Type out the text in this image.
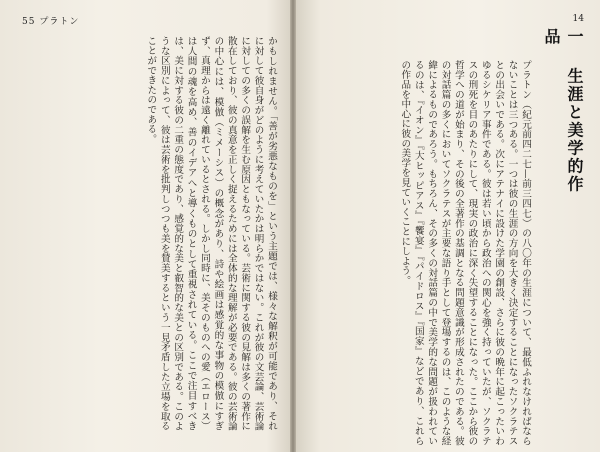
55 プラトン
かもしれません。「善が劣悪なものを」という主題では、様々な解釈が可能であり、それに対して彼自身がどのように考えていたかは明らかではない。これが彼の文芸論、芸術論に対しての多くの誤解を生む原因ともなっている。芸術に関する彼の見解は多くの著作に散在しており、彼の真意を正しく捉えるためには全体的な理解が必要である。彼の芸術論の中心には、模倣（ミメーシス）の概念があり、詩や絵画は感覚的な事物の模倣にすぎず、真理からは遠く離れているとされる。しかし同時に、美そのものへの愛（エロース）は人間の魂を高め、善のイデアへと導くものとして重視されている。ここで注目すべきは、美に対する彼の二重の態度であり、感覚的な美と叡智的な美との区別である。このような区別によって、彼は芸術を批判しつつも美を賛美するという一見矛盾した立場を取ることができたのである。
14
一 生涯と美学的作品
プラトン（紀元前四二七—前三四七）の八〇年の生涯について、最低ふれなければならないことは三つある。一つは彼の生涯の方向を大きく決定することになったソクラテスとの出会いである。次にアテナイに設けた学園の創設、さらに彼の晩年に起こったいわゆるシケリア事件である。彼は若い頃から政治への関心を強く持っていたが、ソクラテスの刑死を目のあたりにして、現実の政治に深く失望することになった。ここから彼の哲学への道が始まり、その後の全著作の基調となる問題意識が形成されたのである。彼の対話篇の多くにおいてソクラテスが主要な語り手として登場するのは、このような経緯によるものであろう。もちろん、その多くの対話篇の中で美学的な問題が扱われているのは、『イオン』『大ヒッピアス』『饗宴』『パイドロス』『国家』などであり、これらの作品を中心に彼の美学を見ていくことにしよう。
